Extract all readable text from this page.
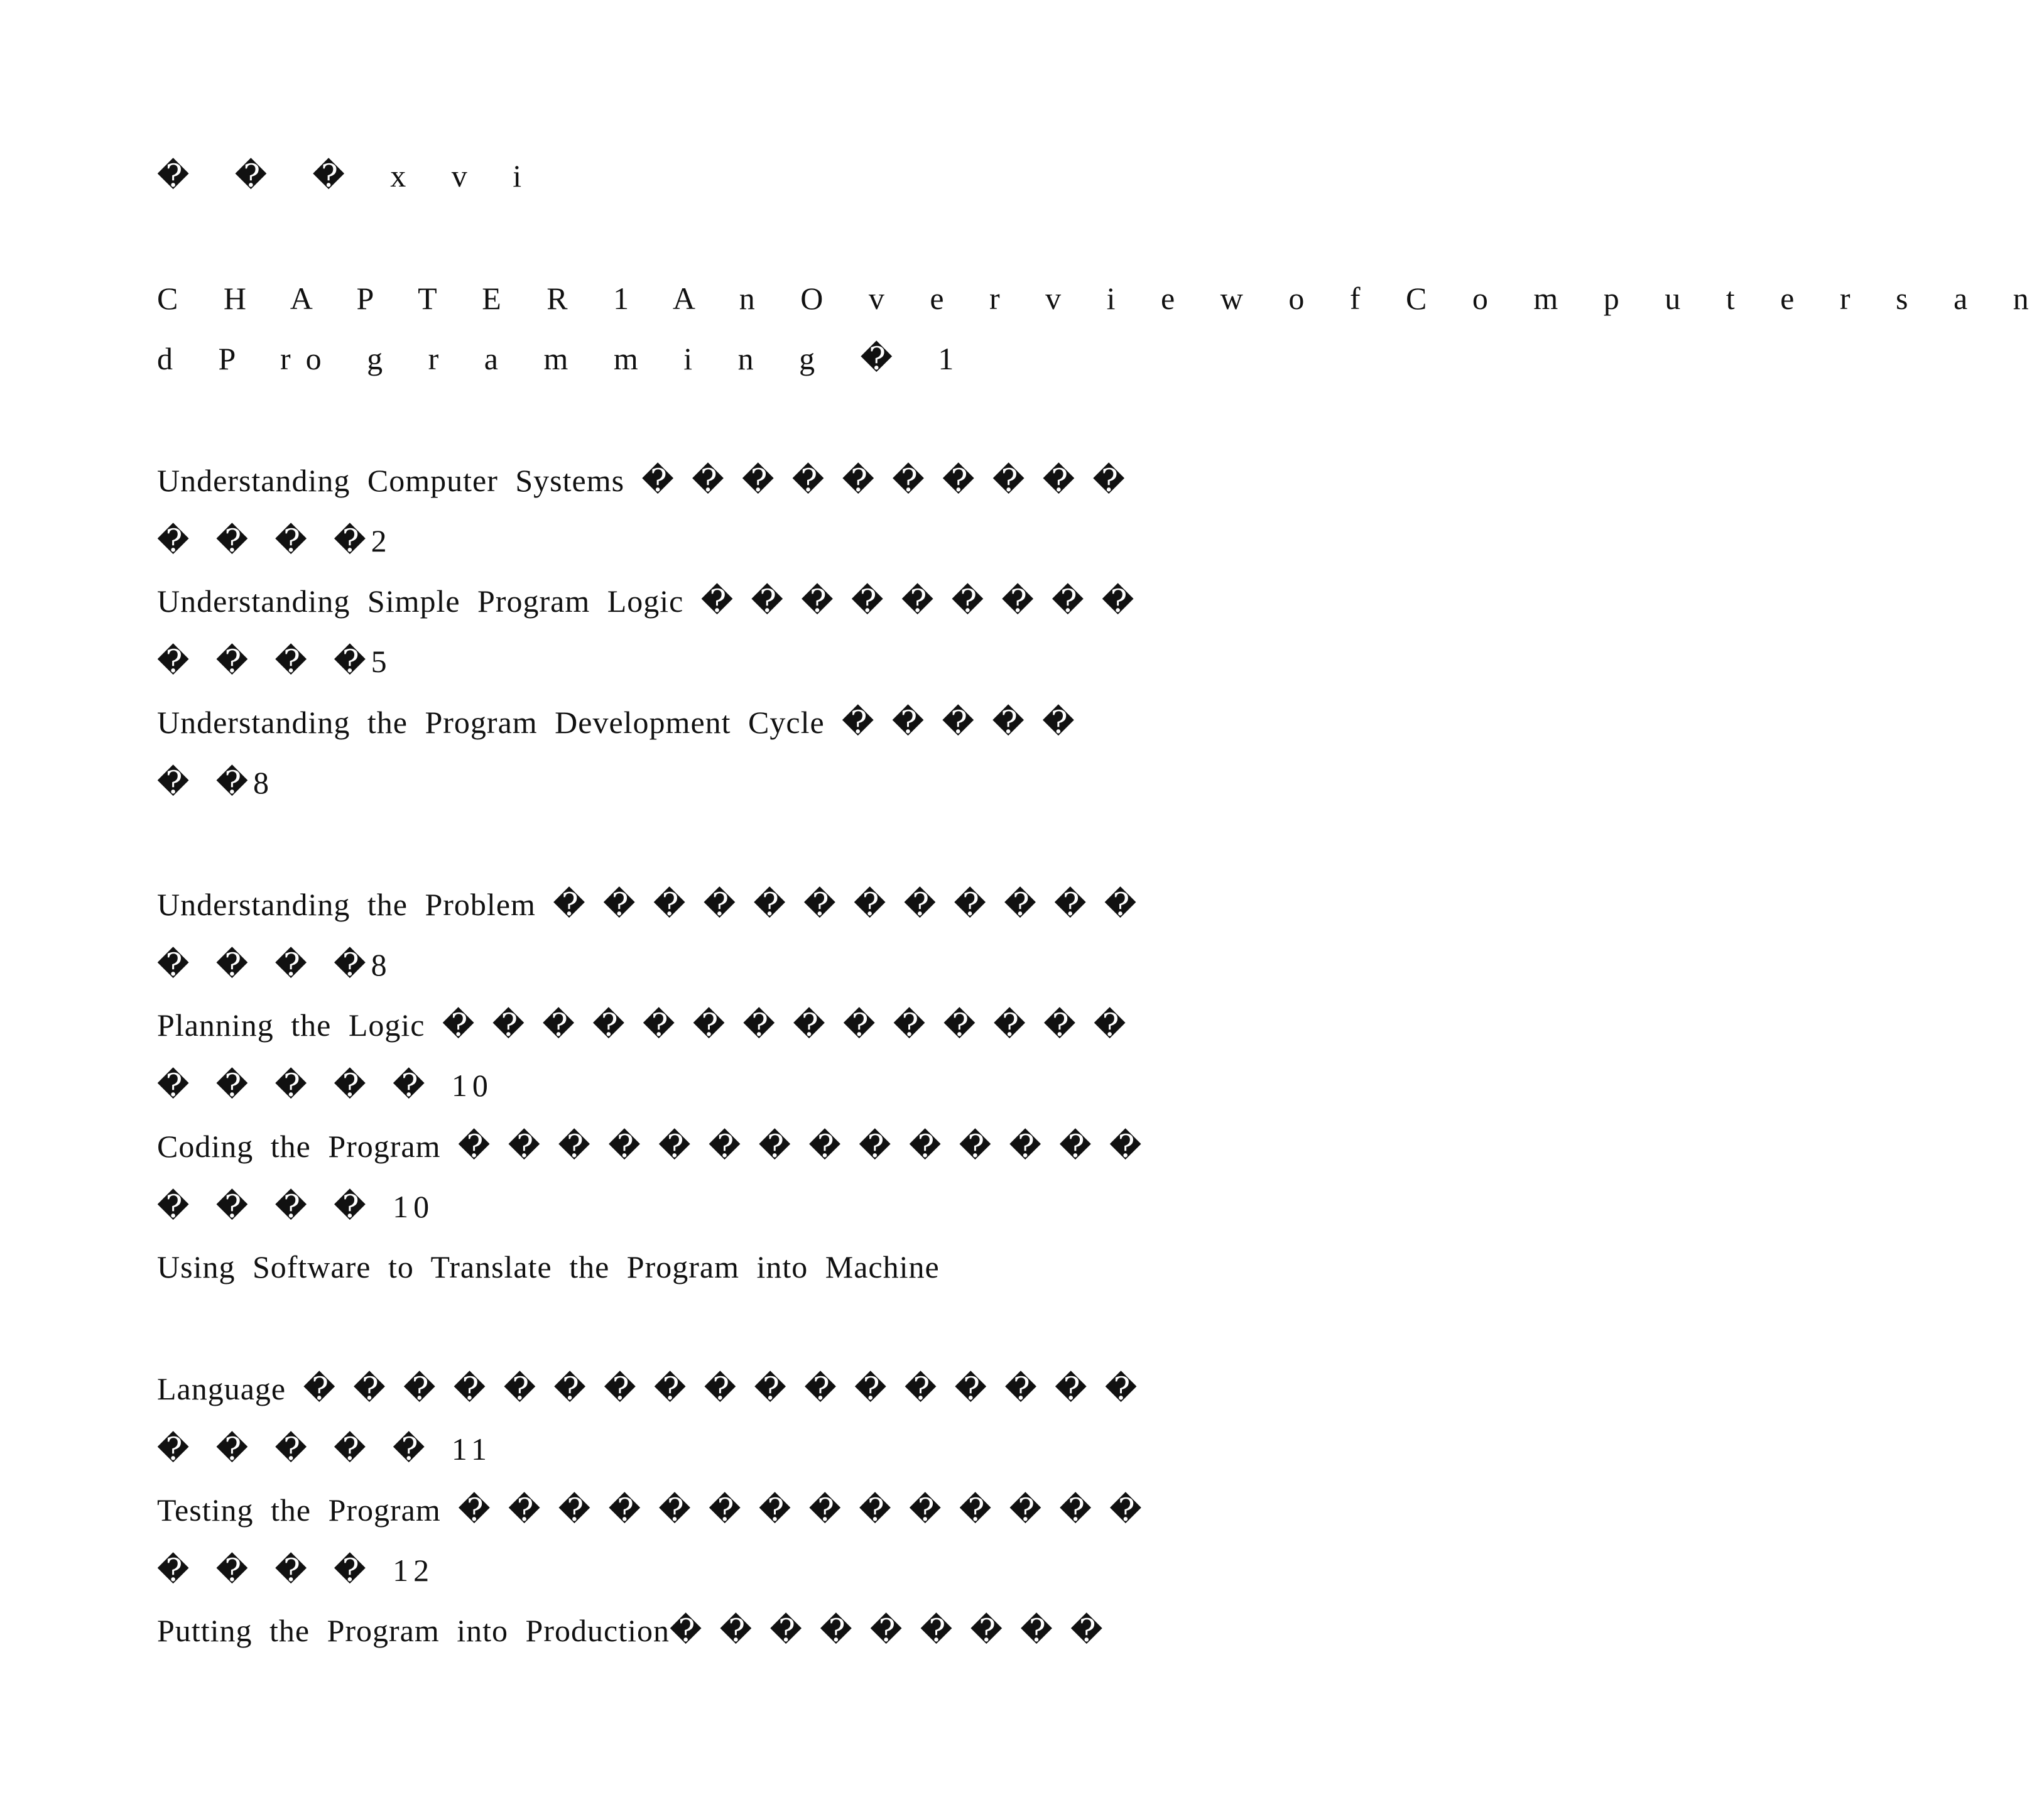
� � � x v i
C H A P T E R 1 A n O v e r v i e w o f C o m p u t e r s a n
d P ro g r a m m i n g � 1
Understanding Computer Systems � � � � � � � � � �
� � � �2
Understanding Simple Program Logic � � � � � � � � �
� � � �5
Understanding the Program Development Cycle � � � � �
� �8
Understanding the Problem � � � � � � � � � � � �
� � � �8
Planning the Logic � � � � � � � � � � � � � �
� � � � � 10
Coding the Program � � � � � � � � � � � � � �
� � � � 10
Using Software to Translate the Program into Machine
Language � � � � � � � � � � � � � � � � �
� � � � � 11
Testing the Program � � � � � � � � � � � � � �
� � � � 12
Putting the Program into Production� � � � � � � � �
